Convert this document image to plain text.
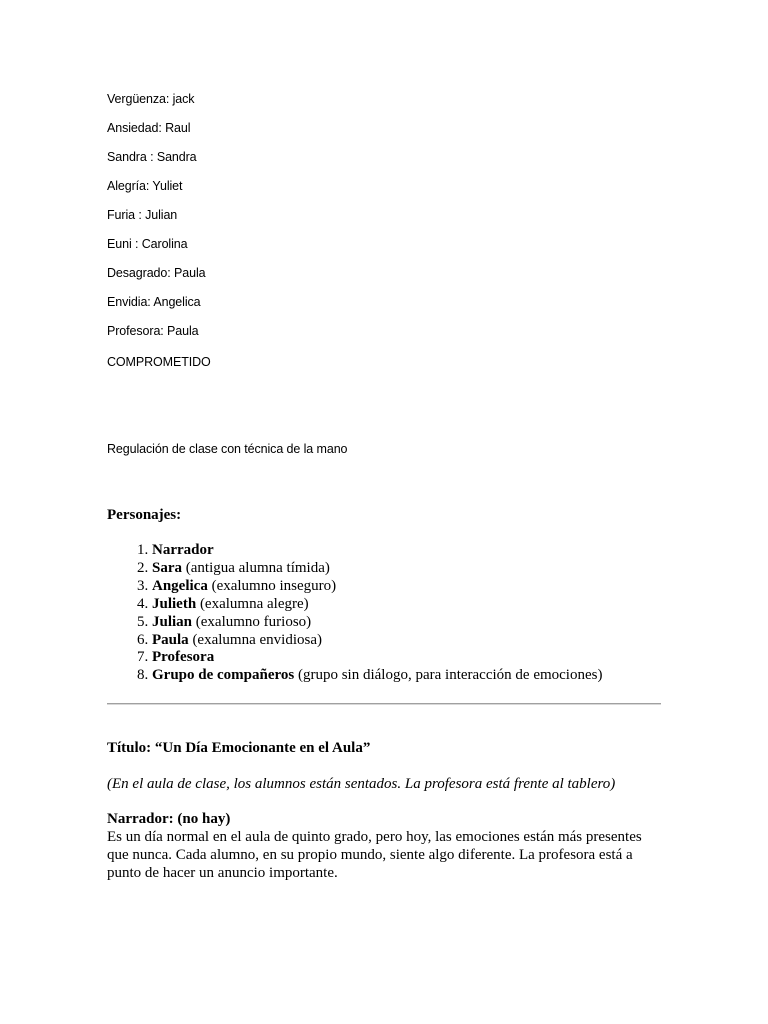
Vergüenza: jack
Ansiedad: Raul
Sandra : Sandra
Alegría: Yuliet
Furia : Julian
Euni : Carolina
Desagrado: Paula
Envidia: Angelica
Profesora: Paula
COMPROMETIDO
Regulación de clase con técnica de la mano
Personajes:
1. Narrador
2. Sara (antigua alumna tímida)
3. Angelica (exalumno inseguro)
4. Julieth (exalumna alegre)
5. Julian (exalumno furioso)
6. Paula (exalumna envidiosa)
7. Profesora
8. Grupo de compañeros (grupo sin diálogo, para interacción de emociones)
Título: “Un Día Emocionante en el Aula”
(En el aula de clase, los alumnos están sentados. La profesora está frente al tablero)
Narrador: (no hay)
Es un día normal en el aula de quinto grado, pero hoy, las emociones están más presentes que nunca. Cada alumno, en su propio mundo, siente algo diferente. La profesora está a punto de hacer un anuncio importante.
